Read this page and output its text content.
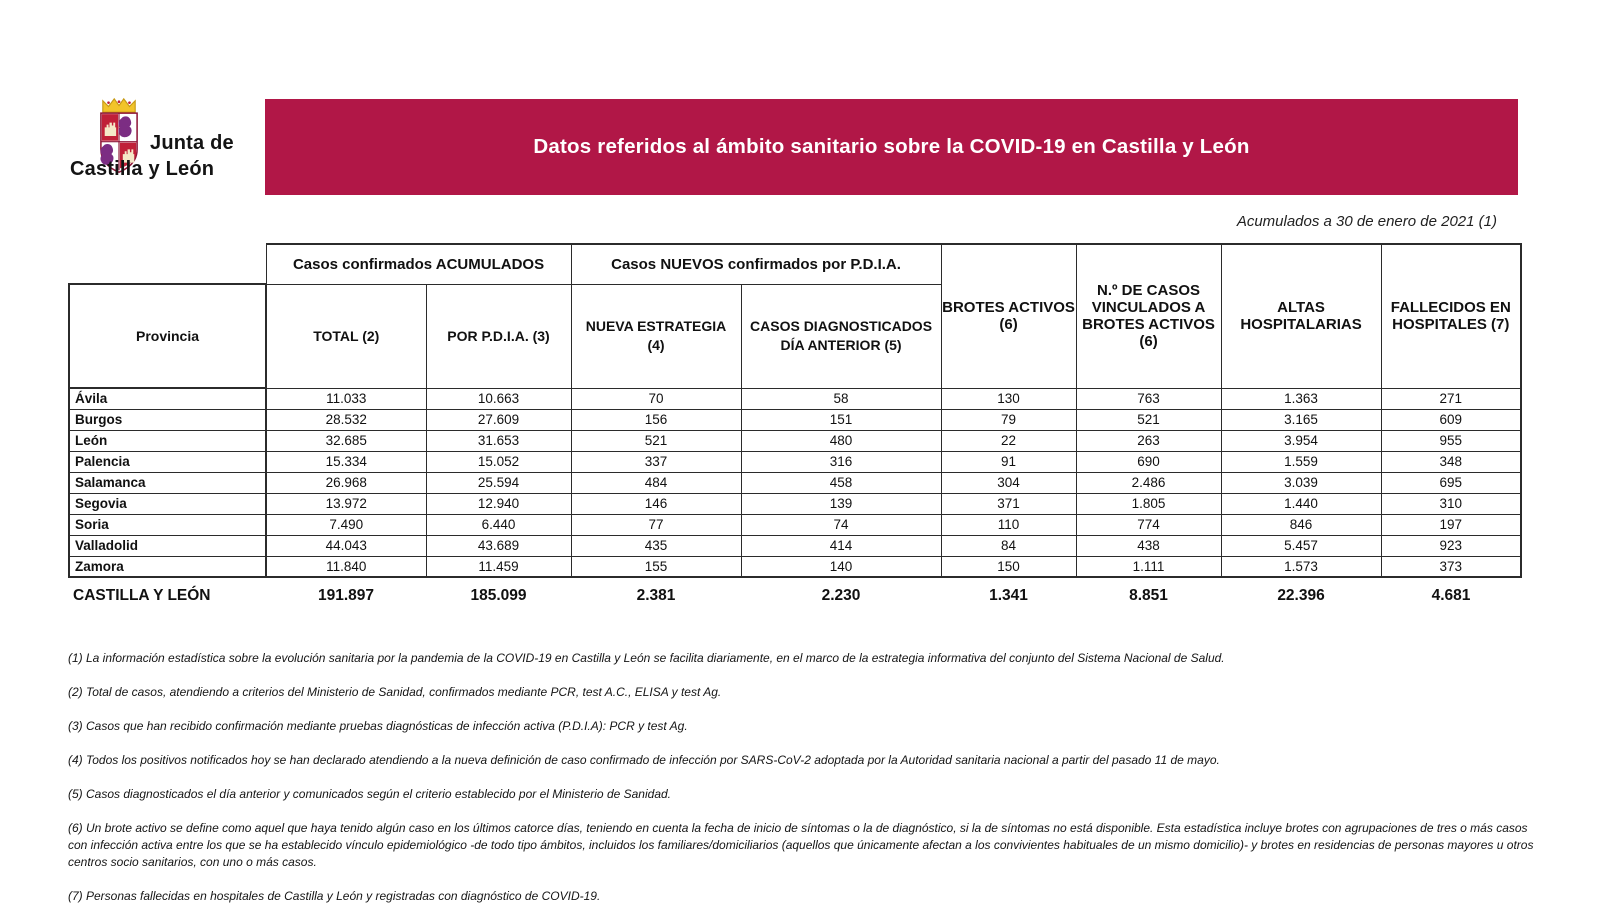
Junta de
Castilla y León
Datos referidos al ámbito sanitario sobre la COVID-19 en Castilla y León
Acumulados a 30 de enero de 2021 (1)
	Casos confirmados ACUMULADOS		Casos NUEVOS confirmados por P.D.I.A.		BROTES ACTIVOS (6)	N.º DE CASOS VINCULADOS A BROTES ACTIVOS (6)	ALTAS HOSPITALARIAS	FALLECIDOS EN HOSPITALES (7)
Provincia	TOTAL (2)	POR P.D.I.A. (3)	NUEVA ESTRATEGIA (4)	CASOS DIAGNOSTICADOS DÍA ANTERIOR (5)				
Ávila	11.033	10.663	70	58	130	763	1.363	271
Burgos	28.532	27.609	156	151	79	521	3.165	609
León	32.685	31.653	521	480	22	263	3.954	955
Palencia	15.334	15.052	337	316	91	690	1.559	348
Salamanca	26.968	25.594	484	458	304	2.486	3.039	695
Segovia	13.972	12.940	146	139	371	1.805	1.440	310
Soria	7.490	6.440	77	74	110	774	846	197
Valladolid	44.043	43.689	435	414	84	438	5.457	923
Zamora	11.840	11.459	155	140	150	1.111	1.573	373
CASTILLA Y LEÓN	191.897	185.099	2.381	2.230	1.341	8.851	22.396	4.681

(1) La información estadística sobre la evolución sanitaria por la pandemia de la COVID-19 en Castilla y León se facilita diariamente, en el marco de la estrategia informativa del conjunto del Sistema Nacional de Salud.

(2) Total de casos, atendiendo a criterios del Ministerio de Sanidad, confirmados mediante PCR, test A.C., ELISA y test Ag.

(3) Casos que han recibido confirmación mediante pruebas diagnósticas de infección activa (P.D.I.A): PCR y test Ag.

(4) Todos los positivos notificados hoy se han declarado atendiendo a la nueva definición de caso confirmado de infección por SARS-CoV-2 adoptada por la Autoridad sanitaria nacional a partir del pasado 11 de mayo.

(5) Casos diagnosticados el día anterior y comunicados según el criterio establecido por el Ministerio de Sanidad.

(6) Un brote activo se define como aquel que haya tenido algún caso en los últimos catorce días, teniendo en cuenta la fecha de inicio de síntomas o la de diagnóstico, si la de síntomas no está disponible. Esta estadística incluye brotes con agrupaciones de tres o más casos con infección activa entre los que se ha establecido vínculo epidemiológico -de todo tipo ámbitos, incluidos los familiares/domiciliarios (aquellos que únicamente afectan a los convivientes habituales de un mismo domicilio)- y brotes en residencias de personas mayores u otros centros socio sanitarios, con uno o más casos.

(7) Personas fallecidas en hospitales de Castilla y León y registradas con diagnóstico de COVID-19.
